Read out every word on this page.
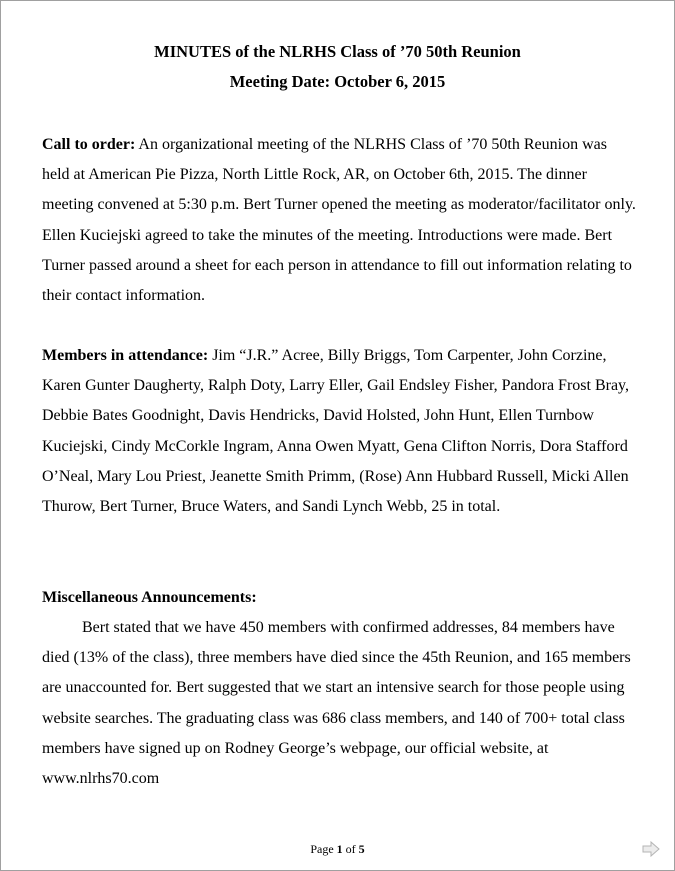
MINUTES of the NLRHS Class of ’70 50th Reunion
Meeting Date: October 6, 2015

Call to order: An organizational meeting of the NLRHS Class of ’70 50th Reunion was held at American Pie Pizza, North Little Rock, AR, on October 6th, 2015. The dinner meeting convened at 5:30 p.m. Bert Turner opened the meeting as moderator/facilitator only. Ellen Kuciejski agreed to take the minutes of the meeting. Introductions were made. Bert Turner passed around a sheet for each person in attendance to fill out information relating to their contact information.

Members in attendance: Jim “J.R.” Acree, Billy Briggs, Tom Carpenter, John Corzine, Karen Gunter Daugherty, Ralph Doty, Larry Eller, Gail Endsley Fisher, Pandora Frost Bray, Debbie Bates Goodnight, Davis Hendricks, David Holsted, John Hunt, Ellen Turnbow Kuciejski, Cindy McCorkle Ingram, Anna Owen Myatt, Gena Clifton Norris, Dora Stafford O’Neal, Mary Lou Priest, Jeanette Smith Primm, (Rose) Ann Hubbard Russell, Micki Allen Thurow, Bert Turner, Bruce Waters, and Sandi Lynch Webb, 25 in total.

Miscellaneous Announcements:

Bert stated that we have 450 members with confirmed addresses, 84 members have died (13% of the class), three members have died since the 45th Reunion, and 165 members are unaccounted for. Bert suggested that we start an intensive search for those people using website searches. The graduating class was 686 class members, and 140 of 700+ total class members have signed up on Rodney George’s webpage, our official website, at www.nlrhs70.com

Page 1 of 5
